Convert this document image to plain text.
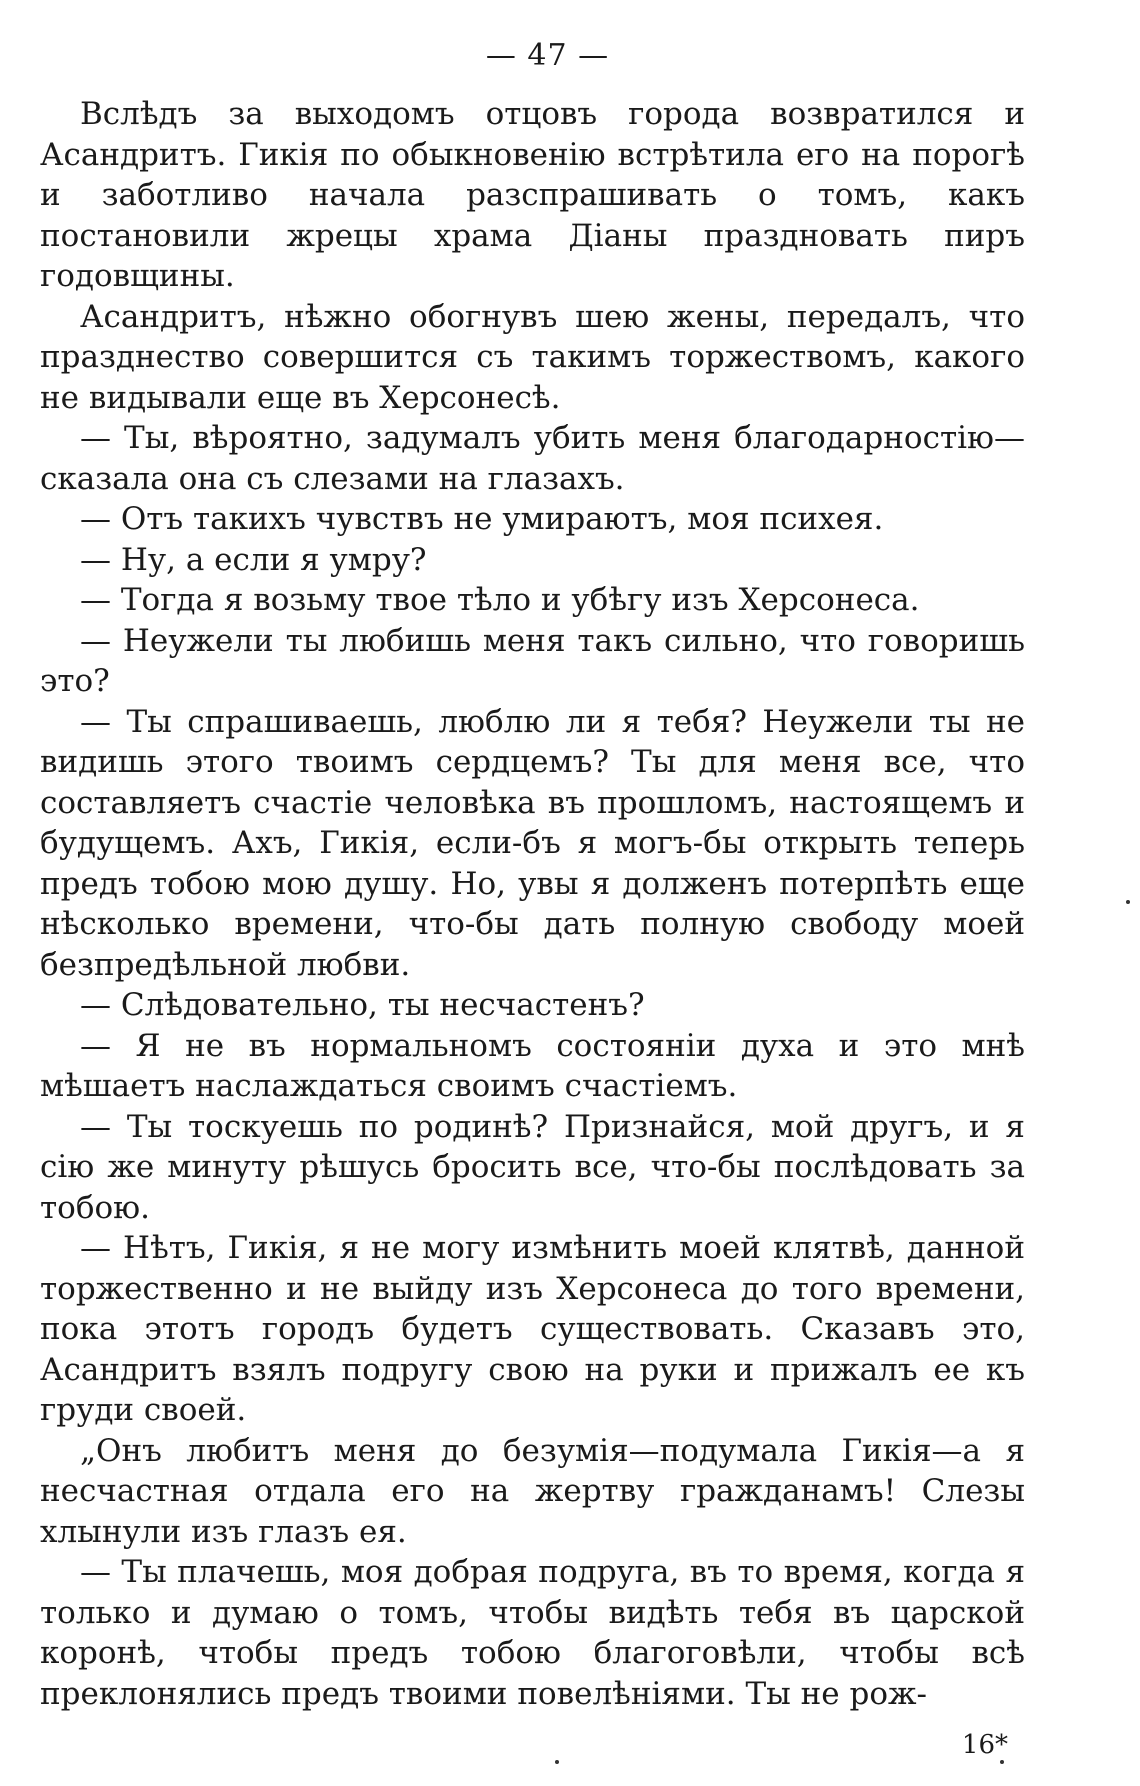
— 47 —

Вслѣдъ за выходомъ отцовъ города возвратился и Асандритъ. Гикія по обыкновенію встрѣтила его на порогѣ и заботливо начала разспрашивать о томъ, какъ постановили жрецы храма Діаны праздновать пиръ годовщины.

Асандритъ, нѣжно обогнувъ шею жены, передалъ, что празднество совершится съ такимъ торжествомъ, какого не видывали еще въ Херсонесѣ.

— Ты, вѣроятно, задумалъ убить меня благодарностію— сказала она съ слезами на глазахъ.

— Отъ такихъ чувствъ не умираютъ, моя психея.

— Ну, а если я умру?

— Тогда я возьму твое тѣло и убѣгу изъ Херсонеса.

— Неужели ты любишь меня такъ сильно, что говоришь это?

— Ты спрашиваешь, люблю ли я тебя? Неужели ты не видишь этого твоимъ сердцемъ? Ты для меня все, что составляетъ счастіе человѣка въ прошломъ, настоящемъ и будущемъ. Ахъ, Гикія, если-бъ я могъ-бы открыть теперь предъ тобою мою душу. Но, увы я долженъ потерпѣть еще нѣсколько времени, что-бы дать полную свободу моей безпредѣльной любви.

— Слѣдовательно, ты несчастенъ?

— Я не въ нормальномъ состояніи духа и это мнѣ мѣшаетъ наслаждаться своимъ счастіемъ.

— Ты тоскуешь по родинѣ? Признайся, мой другъ, и я сію же минуту рѣшусь бросить все, что-бы послѣдовать за тобою.

— Нѣтъ, Гикія, я не могу измѣнить моей клятвѣ, данной торжественно и не выйду изъ Херсонеса до того времени, пока этотъ городъ будетъ существовать. Сказавъ это, Асандритъ взялъ подругу свою на руки и прижалъ ее къ груди своей.

„Онъ любитъ меня до безумія—подумала Гикія—а я несчастная отдала его на жертву гражданамъ! Слезы хлынули изъ глазъ ея.

— Ты плачешь, моя добрая подруга, въ то время, когда я только и думаю о томъ, чтобы видѣть тебя въ царской коронѣ, чтобы предъ тобою благоговѣли, чтобы всѣ преклонялись предъ твоими повелѣніями. Ты не рож-

16*
